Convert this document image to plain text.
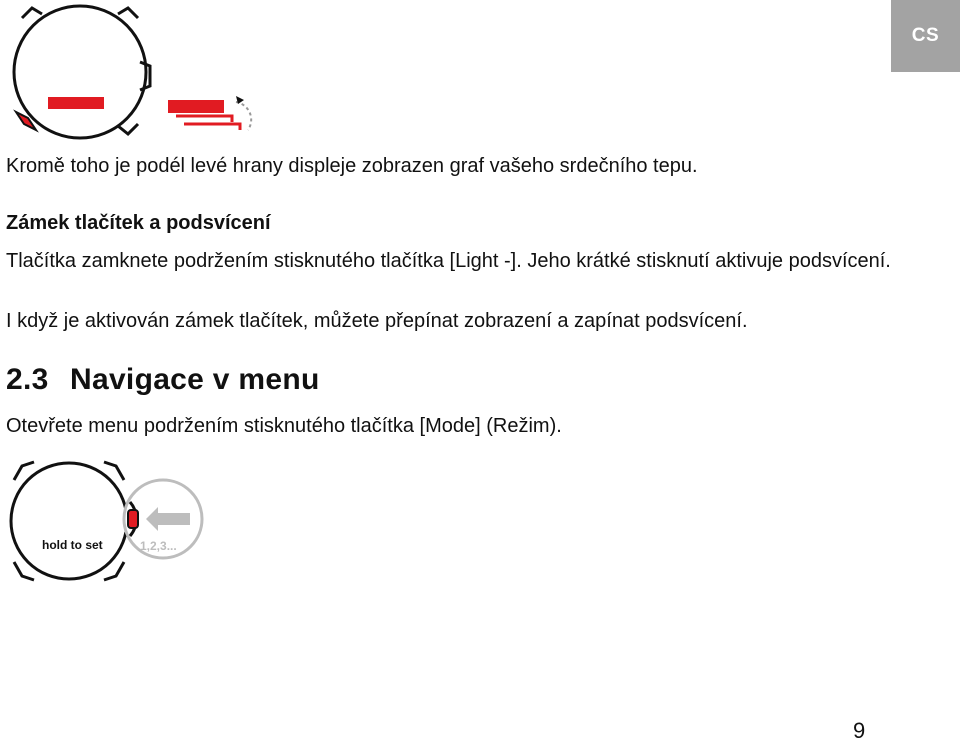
CS

Kromě toho je podél levé hrany displeje zobrazen graf vašeho srdečního tepu.

Zámek tlačítek a podsvícení

Tlačítka zamknete podržením stisknutého tlačítka [Light -]. Jeho krátké stisknutí aktivuje podsvícení.

I když je aktivován zámek tlačítek, můžete přepínat zobrazení a zapínat podsvícení.

2.3 Navigace v menu

Otevřete menu podržením stisknutého tlačítka [Mode] (Režim).

hold to set	1,2,3...
9
